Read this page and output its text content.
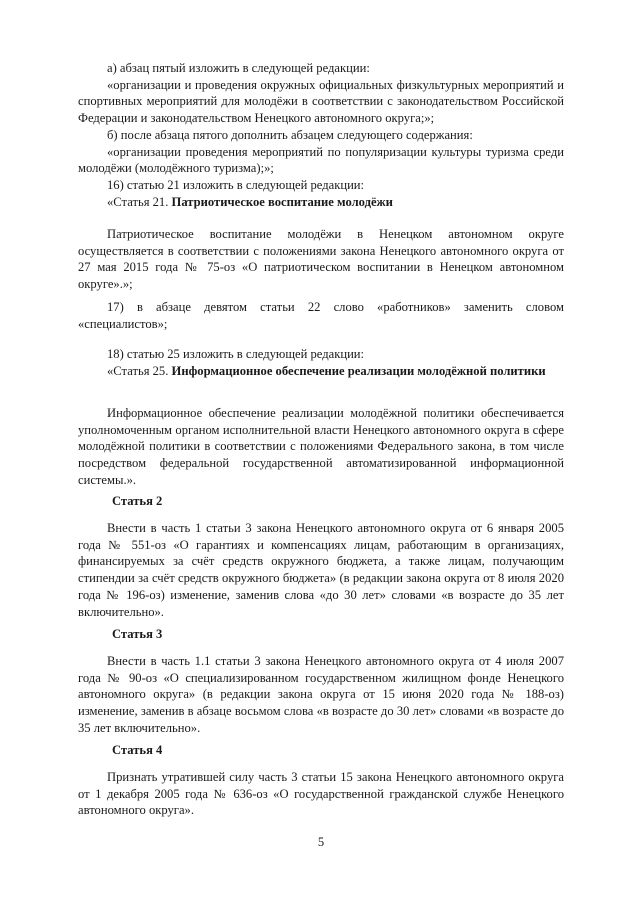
а) абзац пятый изложить в следующей редакции:

«организации и проведения окружных официальных физкультурных мероприятий и спортивных мероприятий для молодёжи в соответствии с законодательством Российской Федерации и законодательством Ненецкого автономного округа;»;

б) после абзаца пятого дополнить абзацем следующего содержания:

«организации проведения мероприятий по популяризации культуры туризма среди молодёжи (молодёжного туризма);»;

16) статью 21 изложить в следующей редакции:

«Статья 21. Патриотическое воспитание молодёжи

Патриотическое воспитание молодёжи в Ненецком автономном округе осуществляется в соответствии с положениями закона Ненецкого автономного округа от 27 мая 2015 года № 75-оз «О патриотическом воспитании в Ненецком автономном округе».»;

17) в абзаце девятом статьи 22 слово «работников» заменить словом «специалистов»;

18) статью 25 изложить в следующей редакции:

«Статья 25. Информационное обеспечение реализации молодёжной политики

Информационное обеспечение реализации молодёжной политики обеспечивается уполномоченным органом исполнительной власти Ненецкого автономного округа в сфере молодёжной политики в соответствии с положениями Федерального закона, в том числе посредством федеральной государственной автоматизированной информационной системы.».

Статья 2

Внести в часть 1 статьи 3 закона Ненецкого автономного округа от 6 января 2005 года № 551-оз «О гарантиях и компенсациях лицам, работающим в организациях, финансируемых за счёт средств окружного бюджета, а также лицам, получающим стипендии за счёт средств окружного бюджета» (в редакции закона округа от 8 июля 2020 года № 196-оз) изменение, заменив слова «до 30 лет» словами «в возрасте до 35 лет включительно».

Статья 3

Внести в часть 1.1 статьи 3 закона Ненецкого автономного округа от 4 июля 2007 года № 90-оз «О специализированном государственном жилищном фонде Ненецкого автономного округа» (в редакции закона округа от 15 июня 2020 года № 188-оз) изменение, заменив в абзаце восьмом слова «в возрасте до 30 лет» словами «в возрасте до 35 лет включительно».

Статья 4

Признать утратившей силу часть 3 статьи 15 закона Ненецкого автономного округа от 1 декабря 2005 года № 636-оз «О государственной гражданской службе Ненецкого автономного округа».

5
